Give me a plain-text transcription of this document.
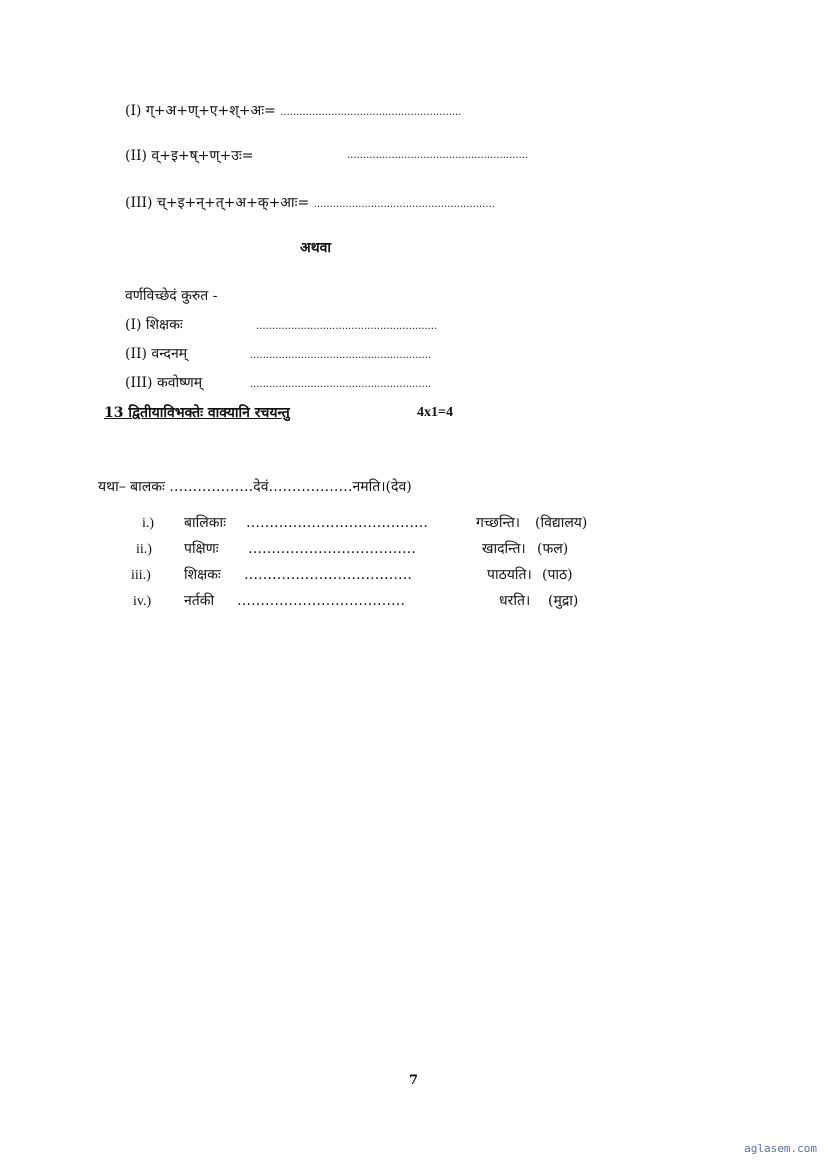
(I) ग्+अ+ण्+ए+श्+अः= .........................................................
(II) व्+इ+ष्+ण्+उः=	.........................................................
(III) च्+इ+न्+त्+अ+क्+आः= .........................................................
अथवा
वर्णविच्छेदं कुरुत -
(I) शिक्षकः	.........................................................
(II) वन्दनम्	.........................................................
(III) कवोष्णम्	.........................................................
13 द्वितीयाविभक्तेः वाक्यानि रचयन्तु	4x1=4
यथा– बालकः ………………देवं………………नमति।(देव)
i.) बालिकाः …………………………………	गच्छन्ति। (विद्यालय)
ii.) पक्षिणः ………………………………	खादन्ति। (फल)
iii.) शिक्षकः ………………………………	पाठयति। (पाठ)
iv.) नर्तकी ………………………………	धरति। (मुद्रा)
7
aglasem.com
